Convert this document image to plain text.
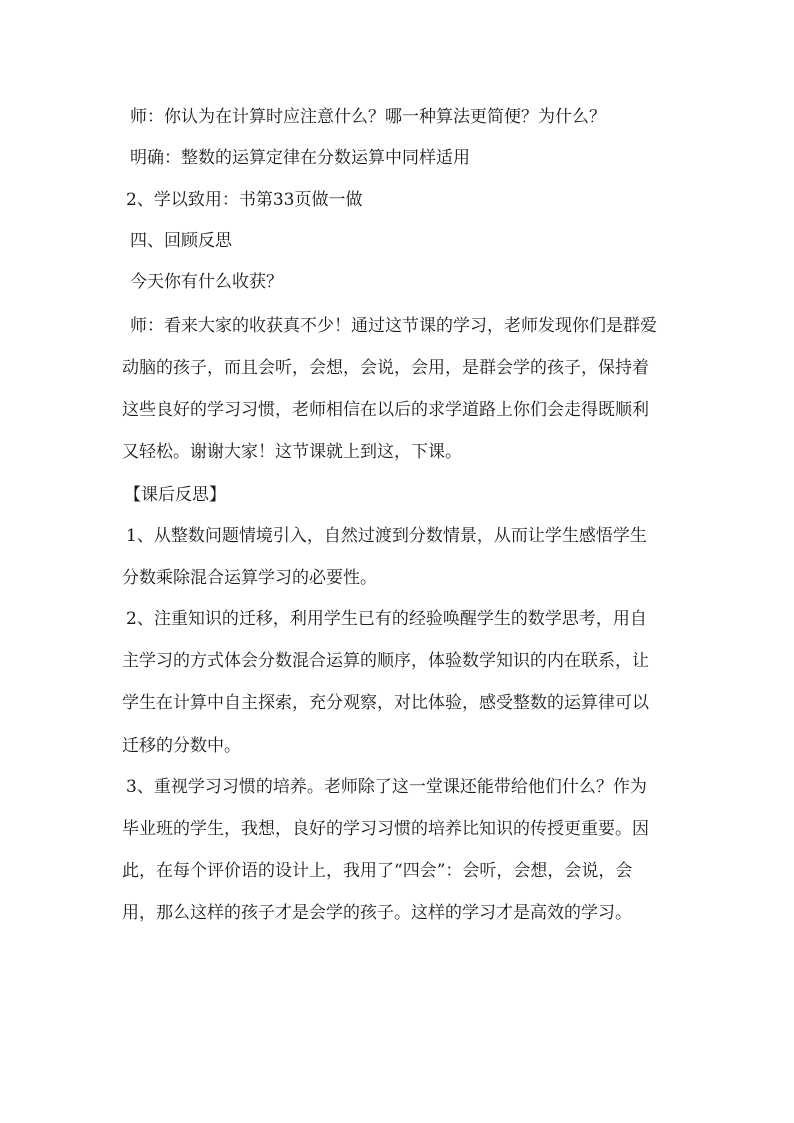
师：你认为在计算时应注意什么？哪一种算法更简便？为什么？
明确：整数的运算定律在分数运算中同样适用
2、学以致用：书第33页做一做
四、回顾反思
今天你有什么收获？
师：看来大家的收获真不少！通过这节课的学习，老师发现你们是群爱
动脑的孩子，而且会听，会想，会说，会用，是群会学的孩子，保持着
这些良好的学习习惯，老师相信在以后的求学道路上你们会走得既顺利
又轻松。谢谢大家！这节课就上到这，下课。
【课后反思】
1、从整数问题情境引入，自然过渡到分数情景，从而让学生感悟学生
分数乘除混合运算学习的必要性。
2、注重知识的迁移，利用学生已有的经验唤醒学生的数学思考，用自
主学习的方式体会分数混合运算的顺序，体验数学知识的内在联系，让
学生在计算中自主探索，充分观察，对比体验，感受整数的运算律可以
迁移的分数中。
3、重视学习习惯的培养。老师除了这一堂课还能带给他们什么？作为
毕业班的学生，我想，良好的学习习惯的培养比知识的传授更重要。因
此，在每个评价语的设计上，我用了“四会”：会听，会想，会说，会
用，那么这样的孩子才是会学的孩子。这样的学习才是高效的学习。
